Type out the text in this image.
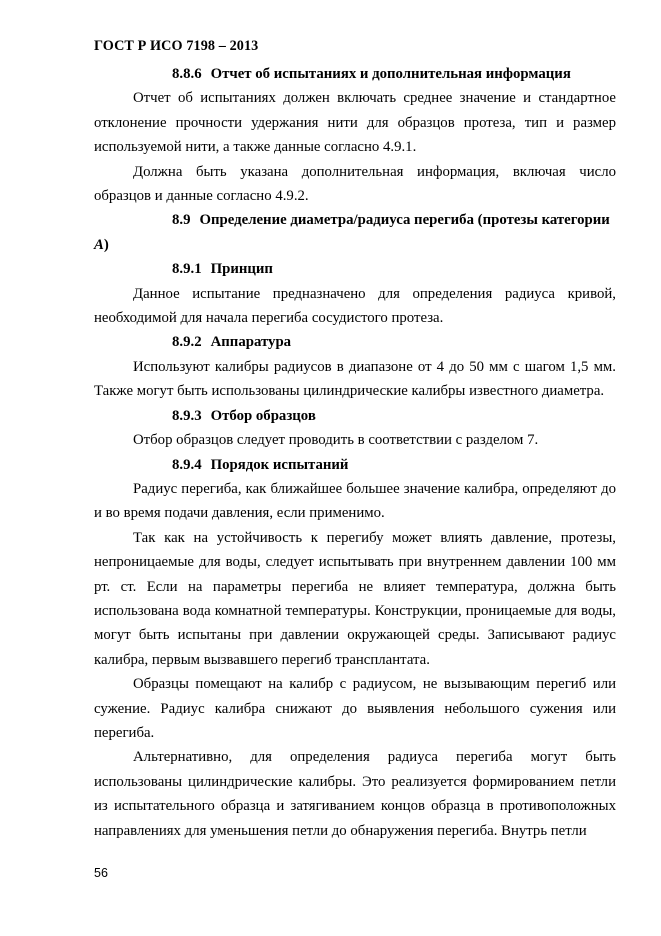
ГОСТ Р ИСО 7198 – 2013

8.8.6 Отчет об испытаниях и дополнительная информация

Отчет об испытаниях должен включать среднее значение и стандартное отклонение прочности удержания нити для образцов протеза, тип и размер используемой нити, а также данные согласно 4.9.1.

Должна быть указана дополнительная информация, включая число образцов и данные согласно 4.9.2.

8.9 Определение диаметра/радиуса перегиба (протезы категории A)

8.9.1 Принцип

Данное испытание предназначено для определения радиуса кривой, необходимой для начала перегиба сосудистого протеза.

8.9.2 Аппаратура

Используют калибры радиусов в диапазоне от 4 до 50 мм с шагом 1,5 мм. Также могут быть использованы цилиндрические калибры известного диаметра.

8.9.3 Отбор образцов

Отбор образцов следует проводить в соответствии с разделом 7.

8.9.4 Порядок испытаний

Радиус перегиба, как ближайшее большее значение калибра, определяют до и во время подачи давления, если применимо.

Так как на устойчивость к перегибу может влиять давление, протезы, непроницаемые для воды, следует испытывать при внутреннем давлении 100 мм рт. ст. Если на параметры перегиба не влияет температура, должна быть использована вода комнатной температуры. Конструкции, проницаемые для воды, могут быть испытаны при давлении окружающей среды. Записывают радиус калибра, первым вызвавшего перегиб трансплантата.

Образцы помещают на калибр с радиусом, не вызывающим перегиб или сужение. Радиус калибра снижают до выявления небольшого сужения или перегиба.

Альтернативно, для определения радиуса перегиба могут быть использованы цилиндрические калибры. Это реализуется формированием петли из испытательного образца и затягиванием концов образца в противоположных направлениях для уменьшения петли до обнаружения перегиба. Внутрь петли

56
